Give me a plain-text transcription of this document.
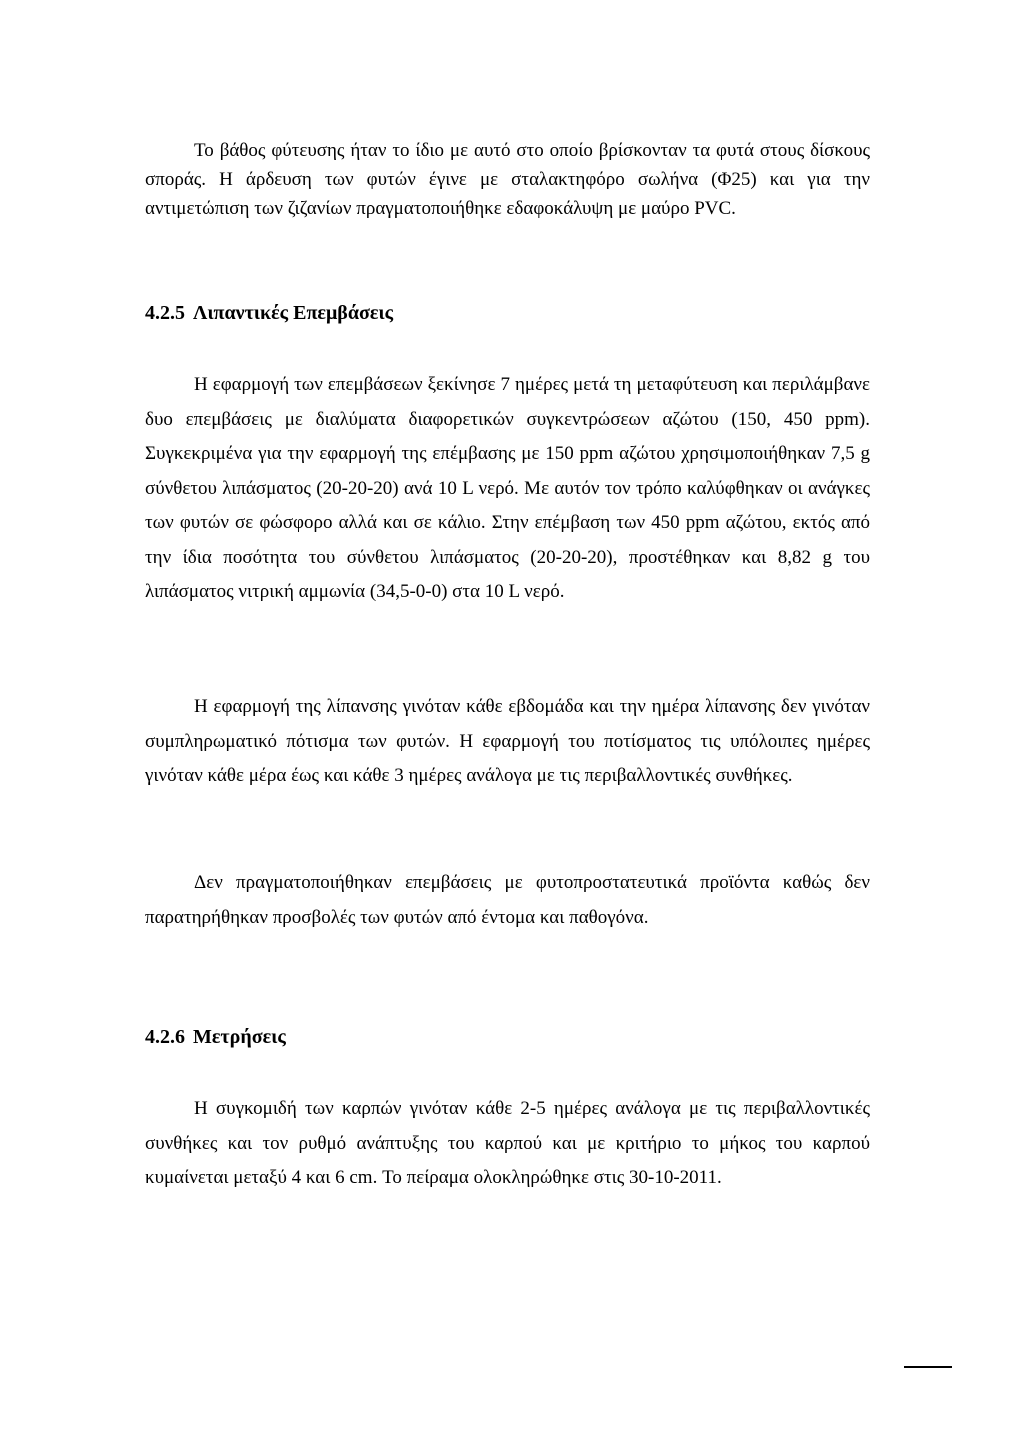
Το βάθος φύτευσης ήταν το ίδιο με αυτό στο οποίο βρίσκονταν τα φυτά στους δίσκους σποράς. Η άρδευση των φυτών έγινε με σταλακτηφόρο σωλήνα (Φ25) και για την αντιμετώπιση των ζιζανίων πραγματοποιήθηκε εδαφοκάλυψη με μαύρο PVC.

4.2.5 Λιπαντικές Επεμβάσεις

Η εφαρμογή των επεμβάσεων ξεκίνησε 7 ημέρες μετά τη μεταφύτευση και περιλάμβανε δυο επεμβάσεις με διαλύματα διαφορετικών συγκεντρώσεων αζώτου (150, 450 ppm). Συγκεκριμένα για την εφαρμογή της επέμβασης με 150 ppm αζώτου χρησιμοποιήθηκαν 7,5 g σύνθετου λιπάσματος (20-20-20) ανά 10 L νερό. Με αυτόν τον τρόπο καλύφθηκαν οι ανάγκες των φυτών σε φώσφορο αλλά και σε κάλιο. Στην επέμβαση των 450 ppm αζώτου, εκτός από την ίδια ποσότητα του σύνθετου λιπάσματος (20-20-20), προστέθηκαν και 8,82 g του λιπάσματος νιτρική αμμωνία (34,5-0-0) στα 10 L νερό.

Η εφαρμογή της λίπανσης γινόταν κάθε εβδομάδα και την ημέρα λίπανσης δεν γινόταν συμπληρωματικό πότισμα των φυτών. Η εφαρμογή του ποτίσματος τις υπόλοιπες ημέρες γινόταν κάθε μέρα έως και κάθε 3 ημέρες ανάλογα με τις περιβαλλοντικές συνθήκες.

Δεν πραγματοποιήθηκαν επεμβάσεις με φυτοπροστατευτικά προϊόντα καθώς δεν παρατηρήθηκαν προσβολές των φυτών από έντομα και παθογόνα.

4.2.6 Μετρήσεις

Η συγκομιδή των καρπών γινόταν κάθε 2-5 ημέρες ανάλογα με τις περιβαλλοντικές συνθήκες και τον ρυθμό ανάπτυξης του καρπού και με κριτήριο το μήκος του καρπού κυμαίνεται μεταξύ 4 και 6 cm. Το πείραμα ολοκληρώθηκε στις 30-10-2011.
